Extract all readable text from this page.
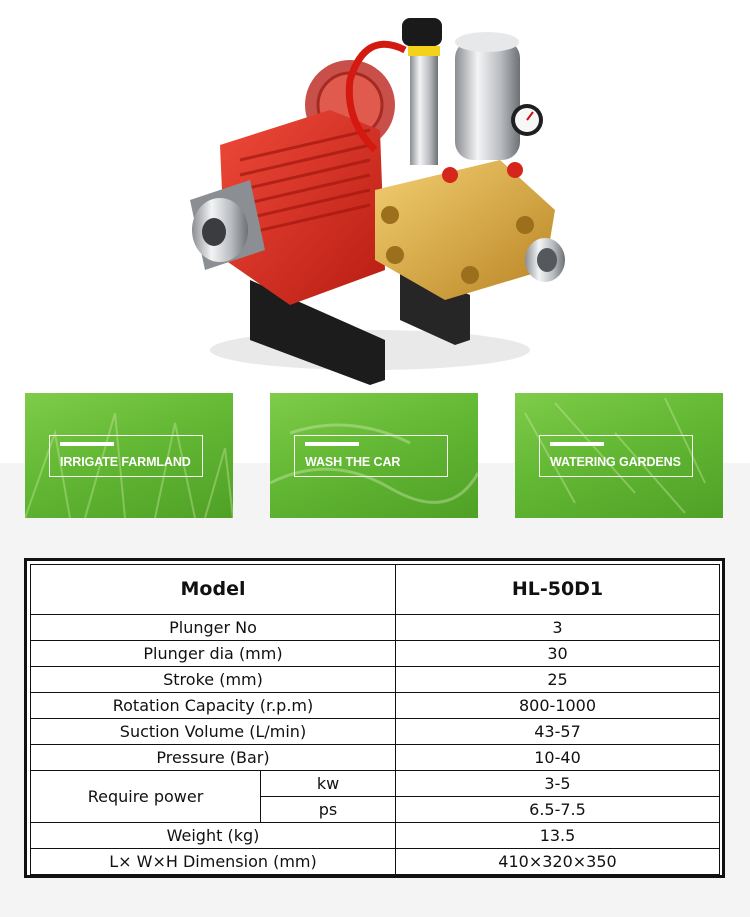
IRRIGATE FARMLAND	WASH THE CAR	WATERING GARDENS
Model		HL-50D1
Plunger No		3
Plunger dia (mm)		30
Stroke (mm)		25
Rotation Capacity (r.p.m)		800-1000
Suction Volume (L/min)		43-57
Pressure (Bar)		10-40
Require power	kw	3-5
	ps	6.5-7.5
Weight (kg)		13.5
L× W×H Dimension (mm)		410×320×350
